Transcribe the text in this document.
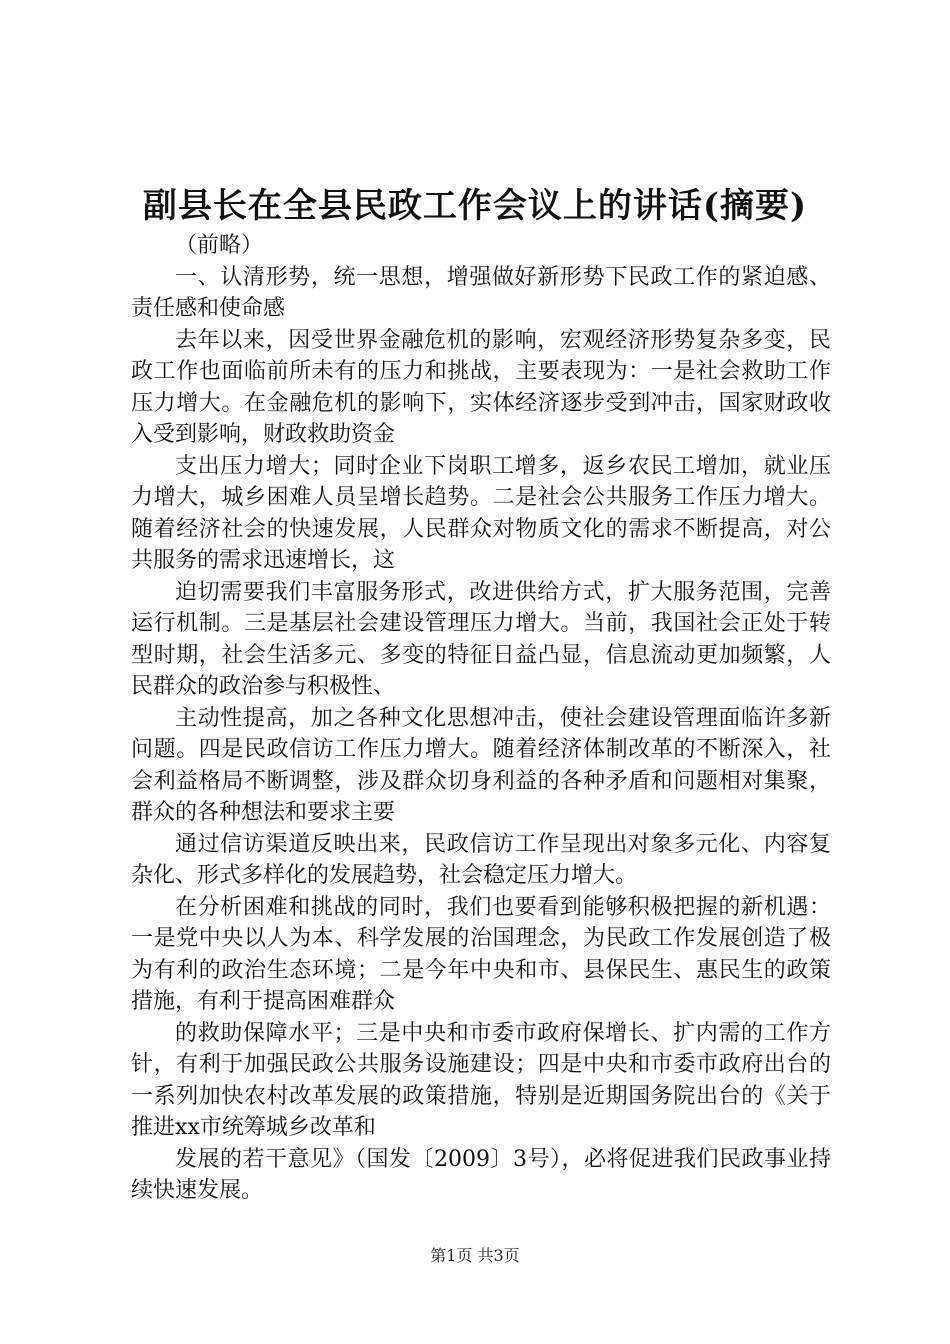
副县长在全县民政工作会议上的讲话(摘要)

（前略）

一、认清形势，统一思想，增强做好新形势下民政工作的紧迫感、责任感和使命感

去年以来，因受世界金融危机的影响，宏观经济形势复杂多变，民政工作也面临前所未有的压力和挑战，主要表现为：一是社会救助工作压力增大。在金融危机的影响下，实体经济逐步受到冲击，国家财政收入受到影响，财政救助资金

支出压力增大；同时企业下岗职工增多，返乡农民工增加，就业压力增大，城乡困难人员呈增长趋势。二是社会公共服务工作压力增大。随着经济社会的快速发展，人民群众对物质文化的需求不断提高，对公共服务的需求迅速增长，这

迫切需要我们丰富服务形式，改进供给方式，扩大服务范围，完善运行机制。三是基层社会建设管理压力增大。当前，我国社会正处于转型时期，社会生活多元、多变的特征日益凸显，信息流动更加频繁，人民群众的政治参与积极性、

主动性提高，加之各种文化思想冲击，使社会建设管理面临许多新问题。四是民政信访工作压力增大。随着经济体制改革的不断深入，社会利益格局不断调整，涉及群众切身利益的各种矛盾和问题相对集聚，群众的各种想法和要求主要

通过信访渠道反映出来，民政信访工作呈现出对象多元化、内容复杂化、形式多样化的发展趋势，社会稳定压力增大。

在分析困难和挑战的同时，我们也要看到能够积极把握的新机遇：一是党中央以人为本、科学发展的治国理念，为民政工作发展创造了极为有利的政治生态环境；二是今年中央和市、县保民生、惠民生的政策措施，有利于提高困难群众

的救助保障水平；三是中央和市委市政府保增长、扩内需的工作方针，有利于加强民政公共服务设施建设；四是中央和市委市政府出台的一系列加快农村改革发展的政策措施，特别是近期国务院出台的《关于推进xx市统筹城乡改革和

发展的若干意见》（国发〔2009〕3号），必将促进我们民政事业持续快速发展。

第1页 共3页
